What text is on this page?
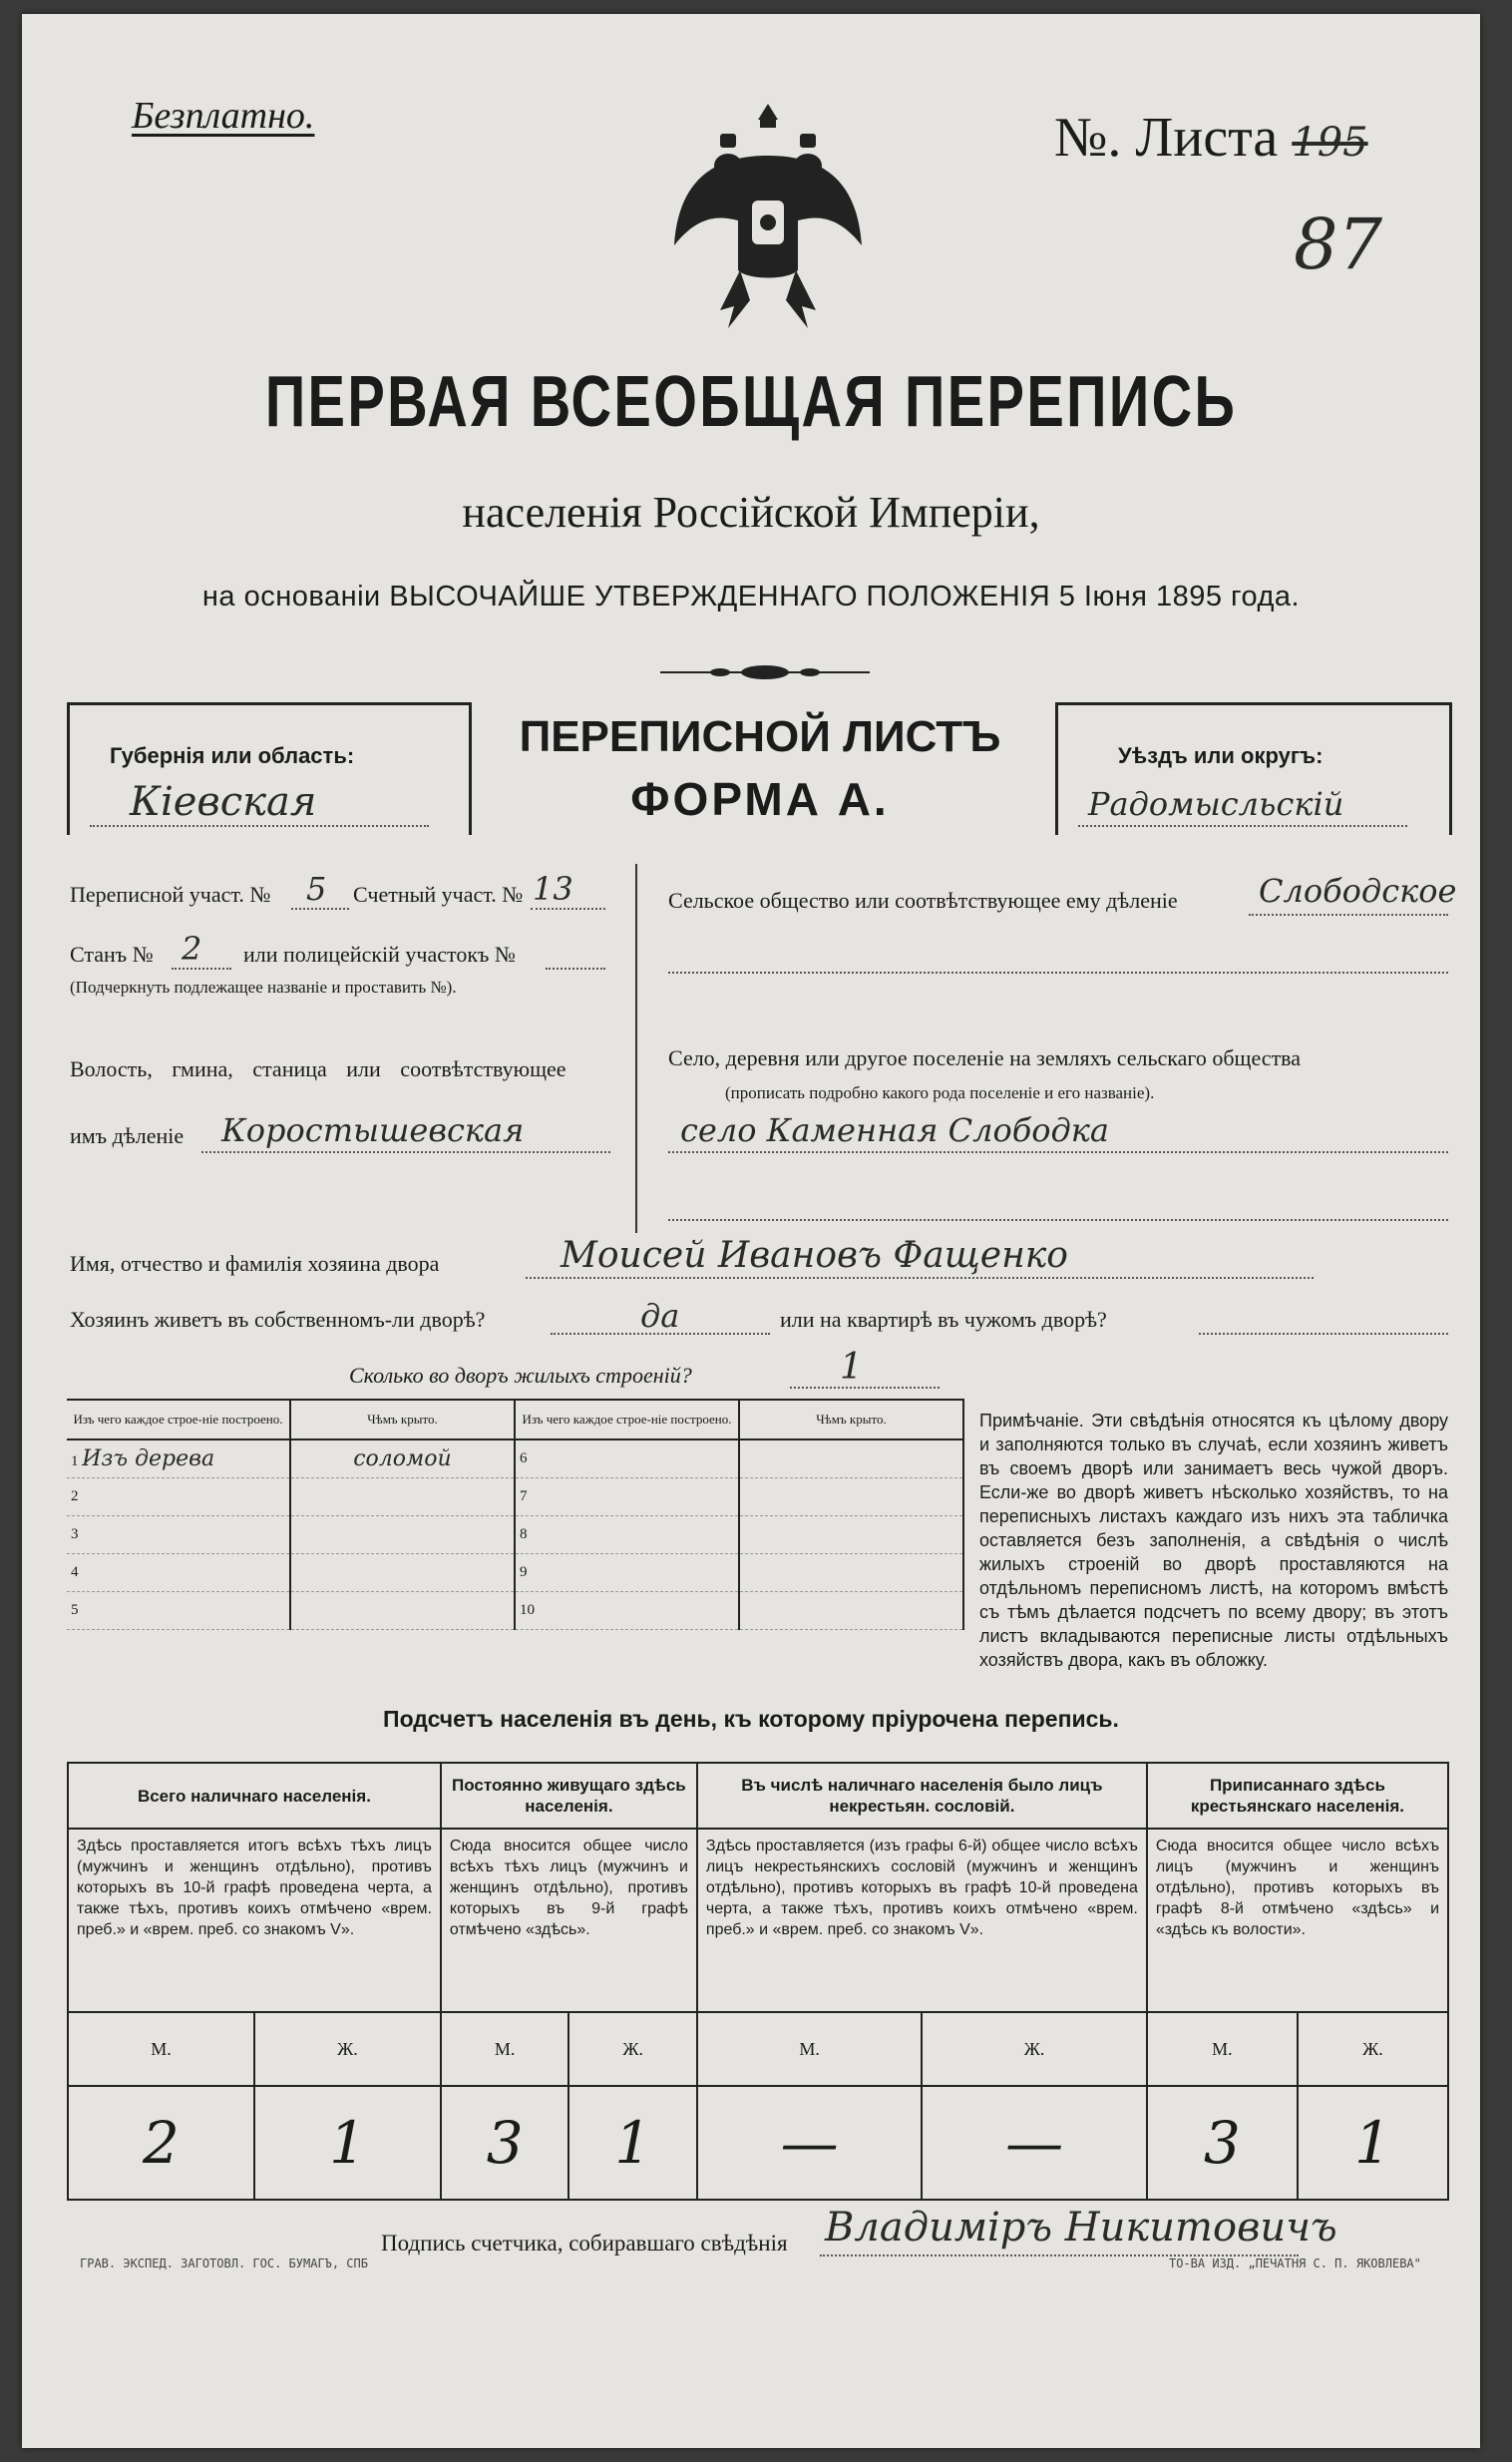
Безплатно.	№. Листа 195
87
ПЕРВАЯ ВСЕОБЩАЯ ПЕРЕПИСЬ
населенія Россійской Имперіи,
на основаніи ВЫСОЧАЙШЕ УТВЕРЖДЕННАГО ПОЛОЖЕНІЯ 5 Іюня 1895 года.
Губернія или область:
Кіевская
ПЕРЕПИСНОЙ ЛИСТЪ
ФОРМА А.
Уѣздъ или округъ:
Радомысльскій
Переписной участ. № 5 Счетный участ. № 13
Станъ № 2 или полицейскій участокъ №
(Подчеркнуть подлежащее названіе и проставить №).
Волость, гмина, станица или соотвѣтствующее
имъ дѣленіе Коростышевская
Сельское общество или соотвѣтствующее ему дѣленіе	Слободское
Село, деревня или другое поселеніе на земляхъ сельскаго общества
(прописать подробно какого рода поселеніе и его названіе).
село Каменная Слободка
Имя, отчество и фамилія хозяина двора	Моисей Ивановъ Фащенко
Хозяинъ живетъ въ собственномъ-ли дворѣ?	да	или на квартирѣ въ чужомъ дворѣ?
Сколько во дворъ жилыхъ строеній?	1
Изъ чего каждое строе-ніе построено.	Чѣмъ крыто.	Изъ чего каждое строе-ніе построено.	Чѣмъ крыто.
1 Изъ дерева	соломой	6	
2		7	
3		8	
4		9	
5		10	
Примѣчаніе. Эти свѣдѣнія относятся къ цѣлому двору и заполняются только въ случаѣ, если хозяинъ живетъ въ своемъ дворѣ или занимаетъ весь чужой дворъ. Если-же во дворѣ живетъ нѣсколько хозяйствъ, то на переписныхъ листахъ каждаго изъ нихъ эта табличка оставляется безъ заполненія, а свѣдѣнія о числѣ жилыхъ строеній во дворѣ проставляются на отдѣльномъ переписномъ листѣ, на которомъ вмѣстѣ съ тѣмъ дѣлается подсчетъ по всему двору; въ этотъ листъ вкладываются переписные листы отдѣльныхъ хозяйствъ двора, какъ въ обложку.
Подсчетъ населенія въ день, къ которому пріурочена перепись.
Всего наличнаго населенія.		Постоянно живущаго здѣсь населенія.		Въ числѣ наличнаго населенія было лицъ некрестьян. сословій.		Приписаннаго здѣсь крестьянскаго населенія.	
Здѣсь проставляется итогъ всѣхъ тѣхъ лицъ (мужчинъ и женщинъ отдѣльно), противъ которыхъ въ 10-й графѣ проведена черта, а также тѣхъ, противъ коихъ отмѣчено «врем. преб.» и «врем. преб. со знакомъ V».		Сюда вносится общее число всѣхъ тѣхъ лицъ (мужчинъ и женщинъ отдѣльно), противъ которыхъ въ 9-й графѣ отмѣчено «здѣсь».		Здѣсь проставляется (изъ графы 6-й) общее число всѣхъ лицъ некрестьянскихъ сословій (мужчинъ и женщинъ отдѣльно), противъ которыхъ въ графѣ 10-й проведена черта, а также тѣхъ, противъ коихъ отмѣчено «врем. преб.» и «врем. преб. со знакомъ V».		Сюда вносится общее число всѣхъ лицъ (мужчинъ и женщинъ отдѣльно), противъ которыхъ въ графѣ 8-й отмѣчено «здѣсь» и «здѣсь къ волости».	
М.	Ж.	М.	Ж.	М.	Ж.	М.	Ж.
2	1	3	1	—	—	3	1
Подпись счетчика, собиравшаго свѣдѣнія Владиміръ Никитовичъ
ГРАВ. ЭКСПЕД. ЗАГОТОВЛ. ГОС. БУМАГЪ, СПБ	ТО-ВА ИЗД. „ПЕЧАТНЯ С. П. ЯКОВЛЕВА"
